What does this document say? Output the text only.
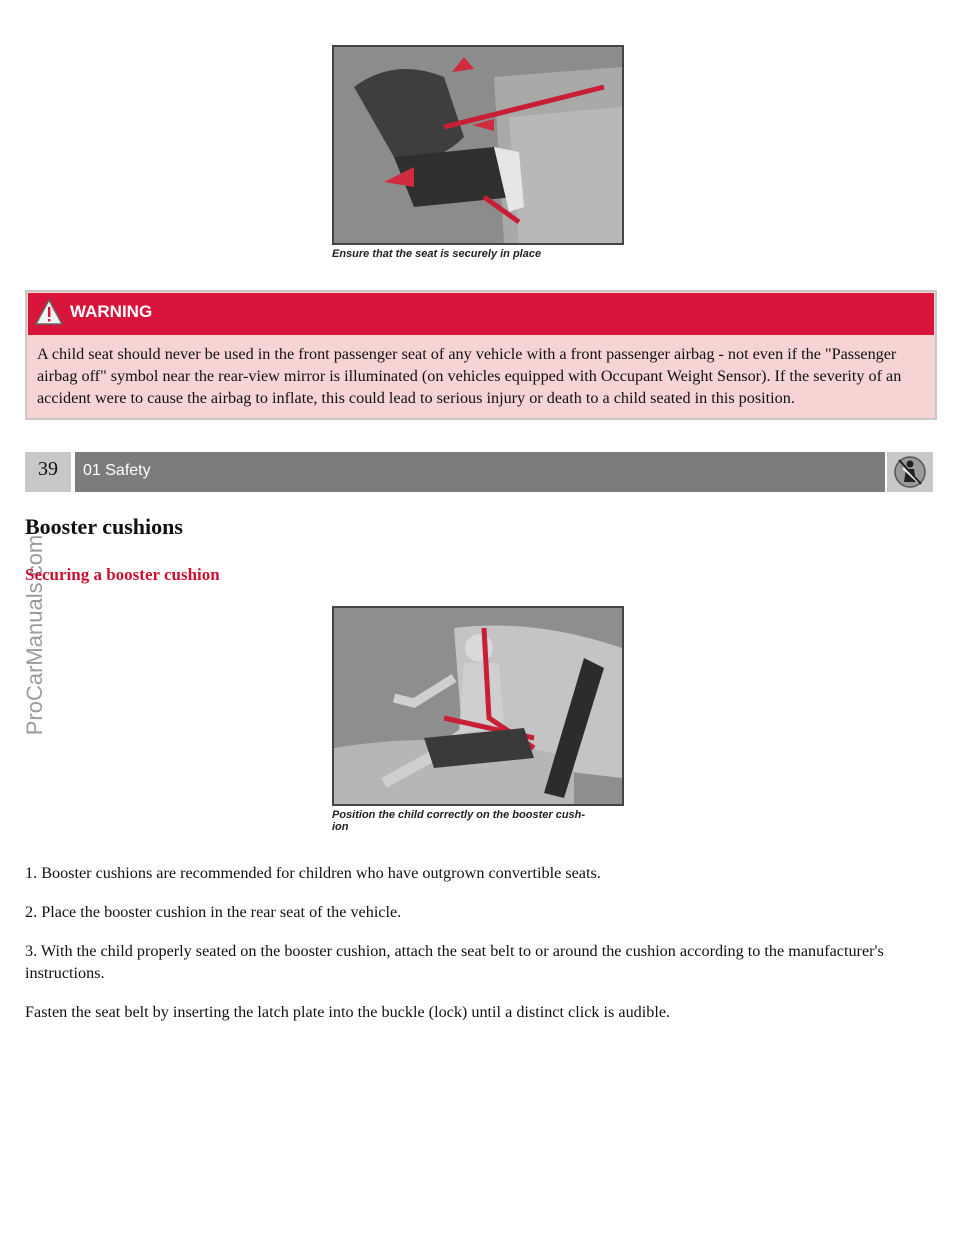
ProCarManuals.com
Ensure that the seat is securely in place
WARNING
A child seat should never be used in the front passenger seat of any vehicle with a front passenger airbag - not even if the "Passenger airbag off" symbol near the rear-view mirror is illuminated (on vehicles equipped with Occupant Weight Sensor). If the severity of an accident were to cause the airbag to inflate, this could lead to serious injury or death to a child seated in this position.
39	01 Safety
Booster cushions
Securing a booster cushion
Position the child correctly on the booster cush-
ion
1. Booster cushions are recommended for children who have outgrown convertible seats.
2. Place the booster cushion in the rear seat of the vehicle.
3. With the child properly seated on the booster cushion, attach the seat belt to or around the cushion according to the manufacturer's instructions.
Fasten the seat belt by inserting the latch plate into the buckle (lock) until a distinct click is audible.
